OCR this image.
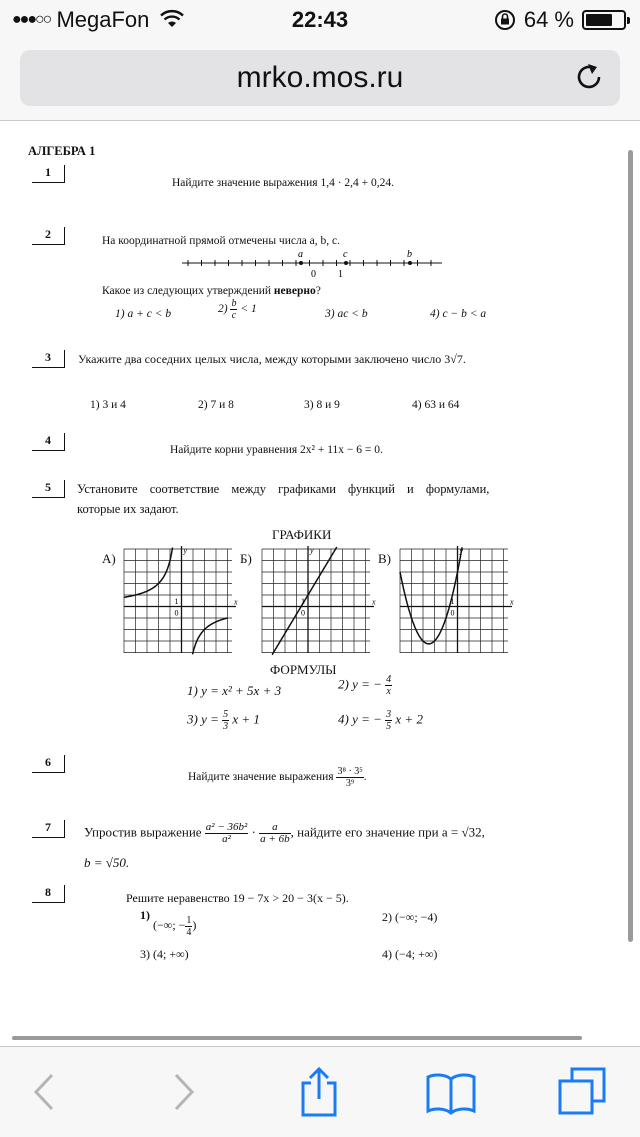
●●●○○ MegaFon	22:43	64 %
mrko.mos.ru
АЛГЕБРА 1
1
Найдите значение выражения 1,4 · 2,4 + 0,24.
2	На координатной прямой отмечены числа a, b, c.
a	c	b
0 1
Какое из следующих утверждений неверно?
1) a + c < b	$2) \frac{b}{c} < 1$	3) ac < b	4) c − b < a
3	Укажите два соседних целых числа, между которыми заключено число 3√7.
1) 3 и 4	2) 7 и 8	3) 8 и 9	4) 63 и 64
4
Найдите корни уравнения 2x² + 11x − 6 = 0.
5	Установите соответствие между графиками функций и формулами,
которые их задают.
ГРАФИКИ
А)	Б)	В)
x
y
1
0
x
y
1
0
x
y
1
0
ФОРМУЛЫ
1) y = x² + 5x + 3	2) y = − $\frac{4}{x}$
3) $y = \frac{5}{3}$ x + 1	4) y = − $\frac{3}{5}$ x + 2
6
Найдите значение выражения $\frac{\text{3⁸ · 3⁵}}{\text{3⁹}}$ .
7	Упростив выражение $\frac{\text{a² − 36b²}}{\text{a²}} \cdot \frac{a}{a + 6b}$ , найдите его значение при a = √32,
b = √50.
8	Решите неравенство 19 − 7x > 20 − 3(x − 5).
1) (−∞; − $\frac{1}{4}$ )
2) (−∞; −4)
3) (4; +∞)	4) (−4; +∞)
